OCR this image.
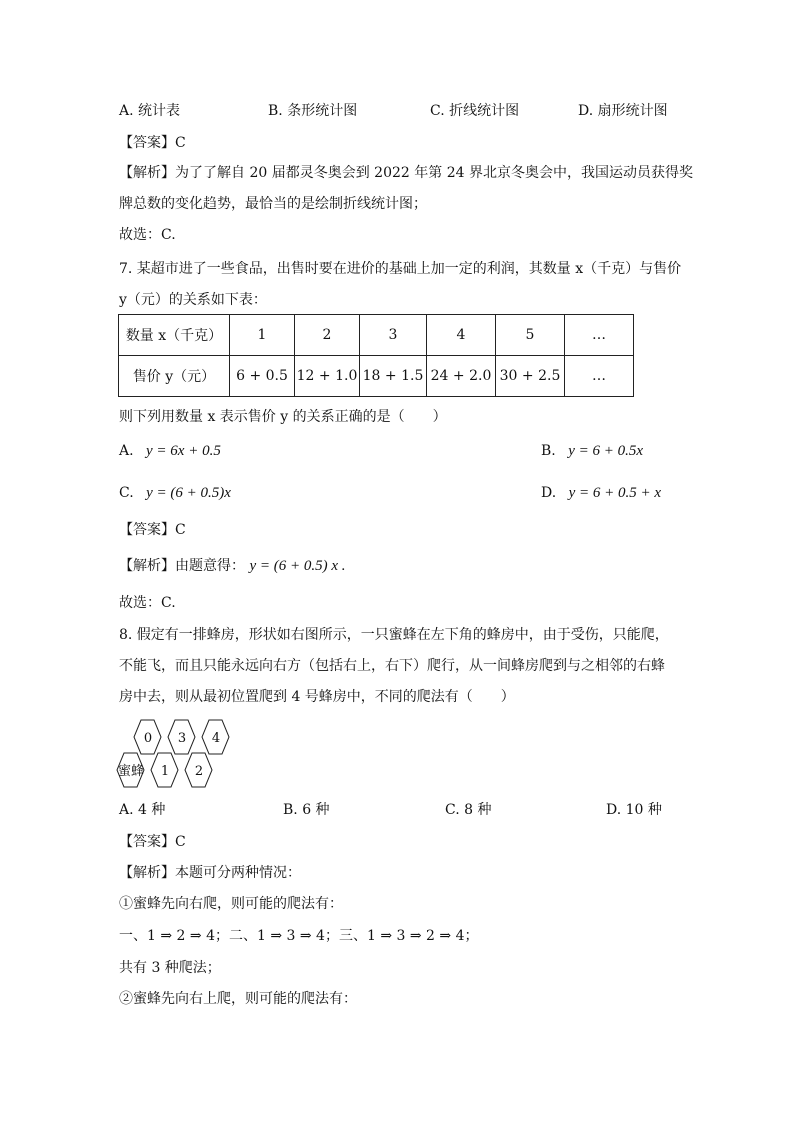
A. 统计表	B. 条形统计图	C. 折线统计图	D. 扇形统计图
【答案】C
【解析】为了了解自 20 届都灵冬奥会到 2022 年第 24 界北京冬奥会中，我国运动员获得奖
牌总数的变化趋势，最恰当的是绘制折线统计图；
故选：C.
7. 某超市进了一些食品，出售时要在进价的基础上加一定的利润，其数量 x（千克）与售价
y（元）的关系如下表：
数量 x（千克）	1	2	3	4	5	…
售价 y（元）	6 + 0.5	12 + 1.0	18 + 1.5	24 + 2.0	30 + 2.5	…
则下列用数量 x 表示售价 y 的关系正确的是（　　）
A. y = 6x + 0.5	B. y = 6 + 0.5x
C. y = (6 + 0.5)x	D. y = 6 + 0.5 + x
【答案】C
【解析】由题意得： y = (6 + 0.5) x .
故选：C.
8. 假定有一排蜂房，形状如右图所示，一只蜜蜂在左下角的蜂房中，由于受伤，只能爬，
不能飞，而且只能永远向右方（包括右上，右下）爬行，从一间蜂房爬到与之相邻的右蜂
房中去，则从最初位置爬到 4 号蜂房中，不同的爬法有（　　）
0 3 4
蜜蜂 1 2
A. 4 种	B. 6 种	C. 8 种	D. 10 种
【答案】C
【解析】本题可分两种情况：
①蜜蜂先向右爬，则可能的爬法有：
一、1 ⇒ 2 ⇒ 4；二、1 ⇒ 3 ⇒ 4；三、1 ⇒ 3 ⇒ 2 ⇒ 4；
共有 3 种爬法；
②蜜蜂先向右上爬，则可能的爬法有：
